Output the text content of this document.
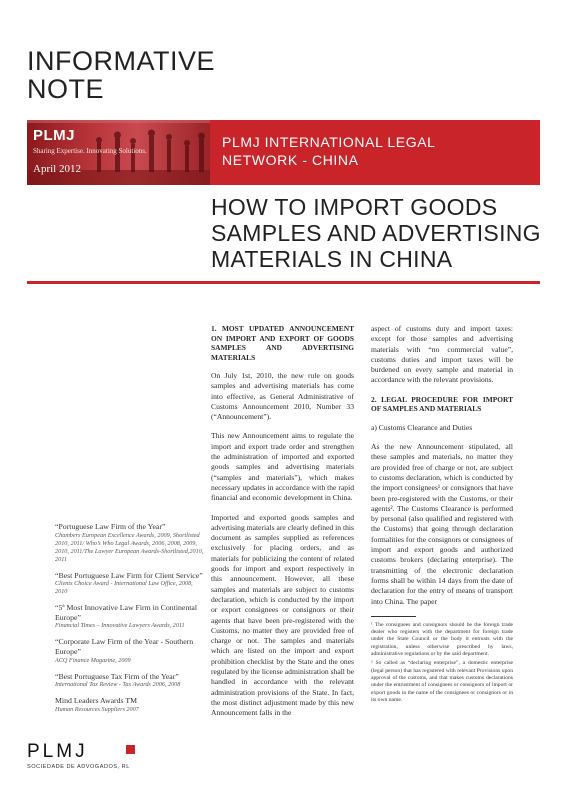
INFORMATIVE
NOTE
PLMJ
Sharing Expertise. Innovating Solutions.
April 2012
PLMJ INTERNATIONAL LEGAL
NETWORK - CHINA
HOW TO IMPORT GOODS
SAMPLES AND ADVERTISING
MATERIALS IN CHINA
1. MOST UPDATED ANNOUNCEMENT ON IMPORT AND EXPORT OF GOODS SAMPLES AND ADVERTISING MATERIALS

On July 1st, 2010, the new rule on goods samples and advertising materials has come into effective, as General Administrative of Customs Announcement 2010, Number 33 (“Announcement”).

This new Announcement aims to regulate the import and export trade order and strengthen the administration of imported and exported goods samples and advertising materials (“samples and materials”), which makes necessary updates in accordance with the rapid financial and economic development in China.

Imported and exported goods samples and advertising materials are clearly defined in this document as samples supplied as references exclusively for placing orders, and as materials for publicizing the content of related goods for import and export respectively in this announcement. However, all these samples and materials are subject to customs declaration, which is conducted by the import or export consignees or consignors or their agents that have been pre-registered with the Customs, no matter they are provided free of charge or not. The samples and materials which are listed on the import and export prohibition checklist by the State and the ones regulated by the license administration shall be handled in accordance with the relevant administration provisions of the State. In fact, the most distinct adjustment made by this new Announcement falls in the

aspect of customs duty and import taxes: except for those samples and advertising materials with “no commercial value”, customs duties and import taxes will be burdened on every sample and material in accordance with the relevant provisions.

2. LEGAL PROCEDURE FOR IMPORT OF SAMPLES AND MATERIALS

a) Customs Clearance and Duties

As the new Announcement stipulated, all these samples and materials, no matter they are provided free of charge or not, are subject to customs declaration, which is conducted by the import consignees¹ or consignors that have been pre-registered with the Customs, or their agents². The Customs Clearance is performed by personal (also qualified and registered with the Customs) that going through declaration formalities for the consignors or consignees of import and export goods and authorized customs brokers (declaring enterprise). The transmitting of the electronic declaration forms shall be within 14 days from the date of declaration for the entry of means of transport into China. The paper

¹ The consignees and consignors should be the foreign trade dealer who registers with the department for foreign trade under the State Council or the body it entrusts with the registration, unless otherwise prescribed by laws, administrative regulations or by the said department.

² So called as “declaring enterprise”, a domestic enterprise (legal person) that has registered with relevant Provisions upon approval of the customs, and that makes customs declarations under the entrustment of consignees or consignors of import or export goods in the name of the consignees or consignors or in its own name.

“Portuguese Law Firm of the Year”
Chambers European Excellence Awards, 2009, Shortlisted 2010, 2011/ Who’s Who Legal Awards, 2006, 2008, 2009, 2010, 2011/The Lawyer European Awards-Shortlisted,2010, 2011
“Best Portuguese Law Firm for Client Service”
Clients Choice Award - International Law Office, 2008, 2010
“5ª Most Innovative Law Firm in Continental Europe”
Financial Times – Innovative Lawyers Awards, 2011
“Corporate Law Firm of the Year - Southern Europe”
ACQ Finance Magazine, 2009
“Best Portuguese Tax Firm of the Year”
International Tax Review - Tax Awards 2006, 2008
Mind Leaders Awards TM
Human Resources Suppliers 2007
PLMJ
SOCIEDADE DE ADVOGADOS, RL
